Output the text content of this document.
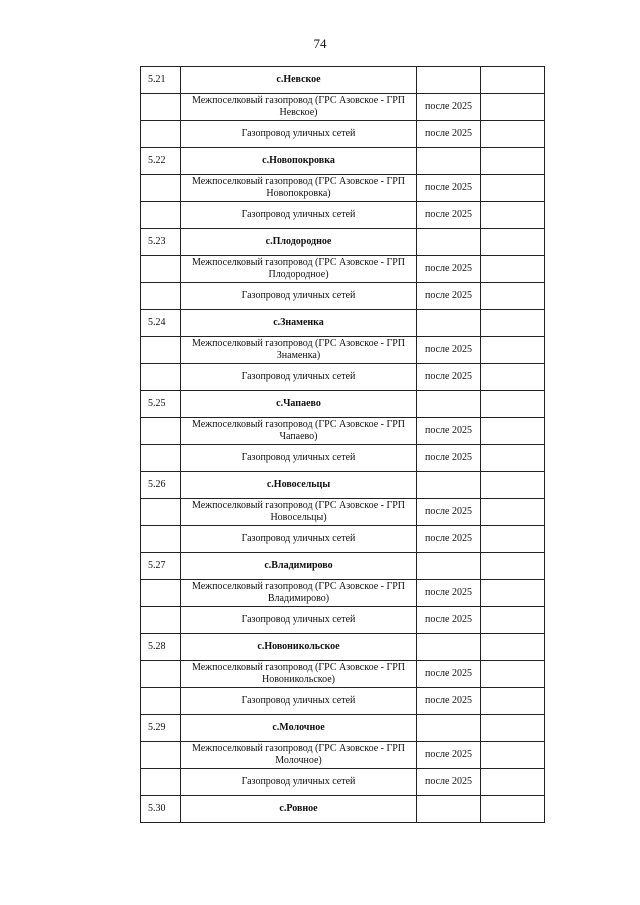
74
5.21	с.Невское		
	Межпоселковый газопровод (ГРС Азовское - ГРП Невское)	после 2025	
	Газопровод уличных сетей	после 2025	
5.22	с.Новопокровка		
	Межпоселковый газопровод (ГРС Азовское - ГРП Новопокровка)	после 2025	
	Газопровод уличных сетей	после 2025	
5.23	с.Плодородное		
	Межпоселковый газопровод (ГРС Азовское - ГРП Плодородное)	после 2025	
	Газопровод уличных сетей	после 2025	
5.24	с.Знаменка		
	Межпоселковый газопровод (ГРС Азовское - ГРП Знаменка)	после 2025	
	Газопровод уличных сетей	после 2025	
5.25	с.Чапаево		
	Межпоселковый газопровод (ГРС Азовское - ГРП Чапаево)	после 2025	
	Газопровод уличных сетей	после 2025	
5.26	с.Новосельцы		
	Межпоселковый газопровод (ГРС Азовское - ГРП Новосельцы)	после 2025	
	Газопровод уличных сетей	после 2025	
5.27	с.Владимирово		
	Межпоселковый газопровод (ГРС Азовское - ГРП Владимирово)	после 2025	
	Газопровод уличных сетей	после 2025	
5.28	с.Новоникольское		
	Межпоселковый газопровод (ГРС Азовское - ГРП Новоникольское)	после 2025	
	Газопровод уличных сетей	после 2025	
5.29	с.Молочное		
	Межпоселковый газопровод (ГРС Азовское - ГРП Молочное)	после 2025	
	Газопровод уличных сетей	после 2025	
5.30	с.Ровное		
